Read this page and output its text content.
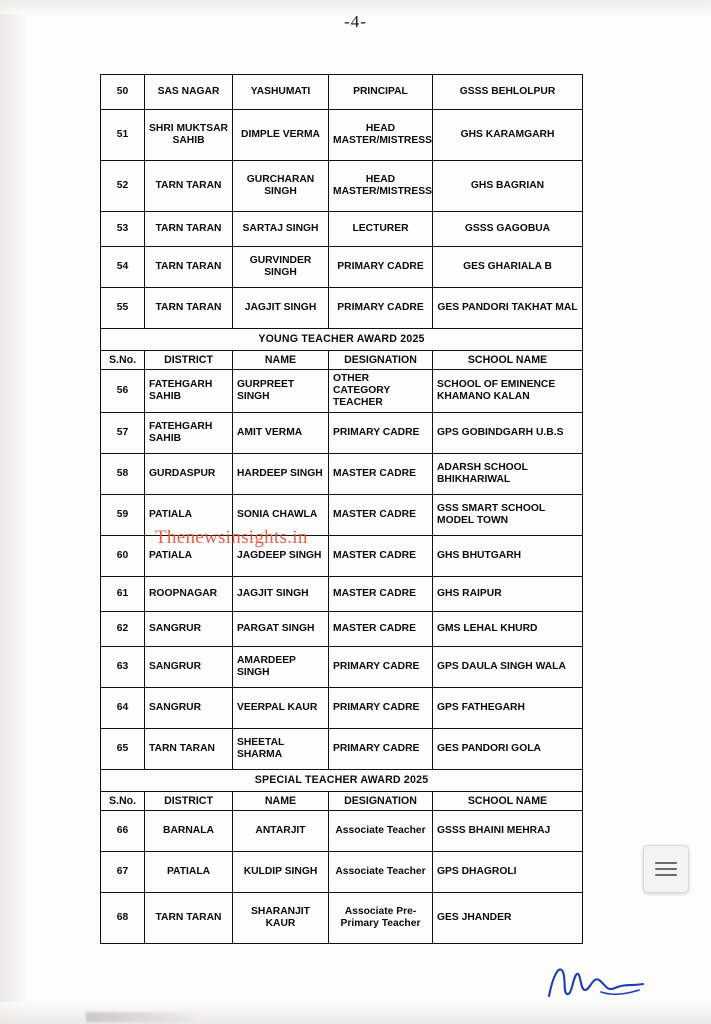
-4-
50	SAS NAGAR	YASHUMATI	PRINCIPAL	GSSS BEHLOLPUR
51	SHRI MUKTSAR SAHIB	DIMPLE VERMA	HEAD MASTER/MISTRESS	GHS KARAMGARH
52	TARN TARAN	GURCHARAN SINGH	HEAD MASTER/MISTRESS	GHS BAGRIAN
53	TARN TARAN	SARTAJ SINGH	LECTURER	GSSS GAGOBUA
54	TARN TARAN	GURVINDER SINGH	PRIMARY CADRE	GES GHARIALA B
55	TARN TARAN	JAGJIT SINGH	PRIMARY CADRE	GES PANDORI TAKHAT MAL
YOUNG TEACHER AWARD 2025				
S.No.	DISTRICT	NAME	DESIGNATION	SCHOOL NAME
56	FATEHGARH SAHIB	GURPREET SINGH	OTHER CATEGORY TEACHER	SCHOOL OF EMINENCE KHAMANO KALAN
57	FATEHGARH SAHIB	AMIT VERMA	PRIMARY CADRE	GPS GOBINDGARH U.B.S
58	GURDASPUR	HARDEEP SINGH	MASTER CADRE	ADARSH SCHOOL BHIKHARIWAL
59	PATIALA	SONIA CHAWLA	MASTER CADRE	GSS SMART SCHOOL MODEL TOWN
60	PATIALA	JAGDEEP SINGH	MASTER CADRE	GHS BHUTGARH
61	ROOPNAGAR	JAGJIT SINGH	MASTER CADRE	GHS RAIPUR
62	SANGRUR	PARGAT SINGH	MASTER CADRE	GMS LEHAL KHURD
63	SANGRUR	AMARDEEP SINGH	PRIMARY CADRE	GPS DAULA SINGH WALA
64	SANGRUR	VEERPAL KAUR	PRIMARY CADRE	GPS FATHEGARH
65	TARN TARAN	SHEETAL SHARMA	PRIMARY CADRE	GES PANDORI GOLA
SPECIAL TEACHER AWARD 2025				
S.No.	DISTRICT	NAME	DESIGNATION	SCHOOL NAME
66	BARNALA	ANTARJIT	Associate Teacher	GSSS BHAINI MEHRAJ
67	PATIALA	KULDIP SINGH	Associate Teacher	GPS DHAGROLI
68	TARN TARAN	SHARANJIT KAUR	Associate Pre-Primary Teacher	GES JHANDER
Thenewsinsights.in
